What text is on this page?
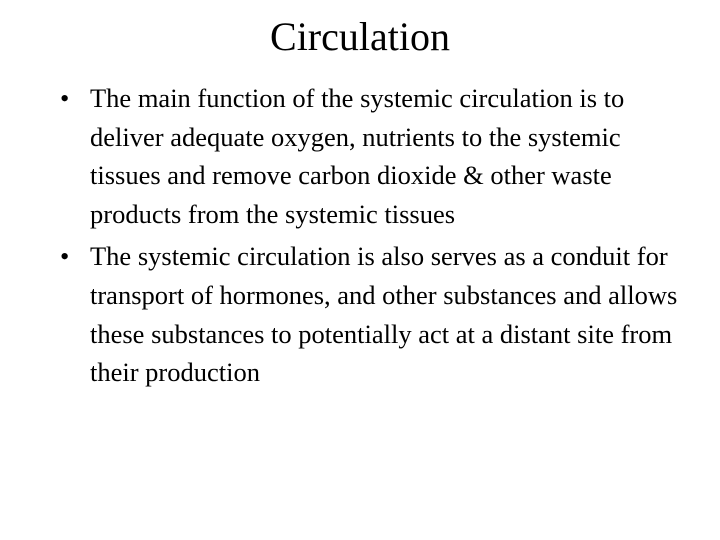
Circulation
• The main function of the systemic circulation is to deliver adequate oxygen, nutrients to the systemic tissues and remove carbon dioxide & other waste products from the systemic tissues
• The systemic circulation is also serves as a conduit for transport of hormones, and other substances and allows these substances to potentially act at a distant site from their production
